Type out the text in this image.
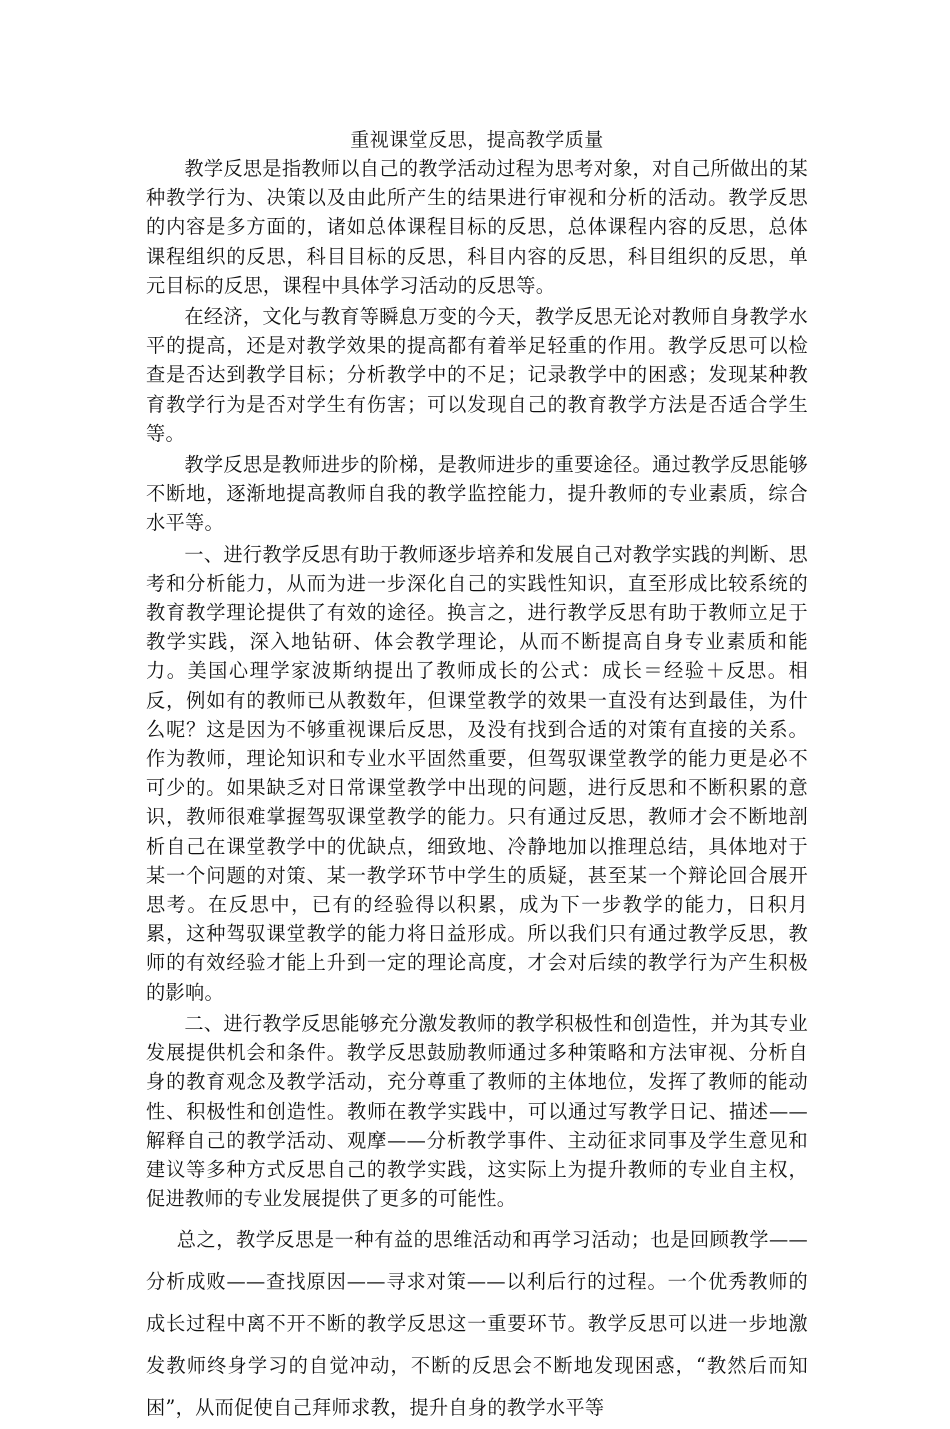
重视课堂反思，提高教学质量

教学反思是指教师以自己的教学活动过程为思考对象，对自己所做出的某种教学行为、决策以及由此所产生的结果进行审视和分析的活动。教学反思的内容是多方面的，诸如总体课程目标的反思，总体课程内容的反思，总体课程组织的反思，科目目标的反思，科目内容的反思，科目组织的反思，单元目标的反思，课程中具体学习活动的反思等。

在经济，文化与教育等瞬息万变的今天，教学反思无论对教师自身教学水平的提高，还是对教学效果的提高都有着举足轻重的作用。教学反思可以检查是否达到教学目标；分析教学中的不足；记录教学中的困惑；发现某种教育教学行为是否对学生有伤害；可以发现自己的教育教学方法是否适合学生等。

教学反思是教师进步的阶梯，是教师进步的重要途径。通过教学反思能够不断地，逐渐地提高教师自我的教学监控能力，提升教师的专业素质，综合水平等。

一、进行教学反思有助于教师逐步培养和发展自己对教学实践的判断、思考和分析能力，从而为进一步深化自己的实践性知识，直至形成比较系统的教育教学理论提供了有效的途径。换言之，进行教学反思有助于教师立足于教学实践，深入地钻研、体会教学理论，从而不断提高自身专业素质和能力。美国心理学家波斯纳提出了教师成长的公式：成长＝经验＋反思。相反，例如有的教师已从教数年，但课堂教学的效果一直没有达到最佳，为什么呢？这是因为不够重视课后反思，及没有找到合适的对策有直接的关系。作为教师，理论知识和专业水平固然重要，但驾驭课堂教学的能力更是必不可少的。如果缺乏对日常课堂教学中出现的问题，进行反思和不断积累的意识，教师很难掌握驾驭课堂教学的能力。只有通过反思，教师才会不断地剖析自己在课堂教学中的优缺点，细致地、冷静地加以推理总结，具体地对于某一个问题的对策、某一教学环节中学生的质疑，甚至某一个辩论回合展开思考。在反思中，已有的经验得以积累，成为下一步教学的能力，日积月累，这种驾驭课堂教学的能力将日益形成。所以我们只有通过教学反思，教师的有效经验才能上升到一定的理论高度，才会对后续的教学行为产生积极的影响。

二、进行教学反思能够充分激发教师的教学积极性和创造性，并为其专业发展提供机会和条件。教学反思鼓励教师通过多种策略和方法审视、分析自身的教育观念及教学活动，充分尊重了教师的主体地位，发挥了教师的能动性、积极性和创造性。教师在教学实践中，可以通过写教学日记、描述——解释自己的教学活动、观摩——分析教学事件、主动征求同事及学生意见和建议等多种方式反思自己的教学实践，这实际上为提升教师的专业自主权，促进教师的专业发展提供了更多的可能性。

总之，教学反思是一种有益的思维活动和再学习活动；也是回顾教学——分析成败——查找原因——寻求对策——以利后行的过程。一个优秀教师的成长过程中离不开不断的教学反思这一重要环节。教学反思可以进一步地激发教师终身学习的自觉冲动，不断的反思会不断地发现困惑，“教然后而知困”，从而促使自己拜师求教，提升自身的教学水平等
